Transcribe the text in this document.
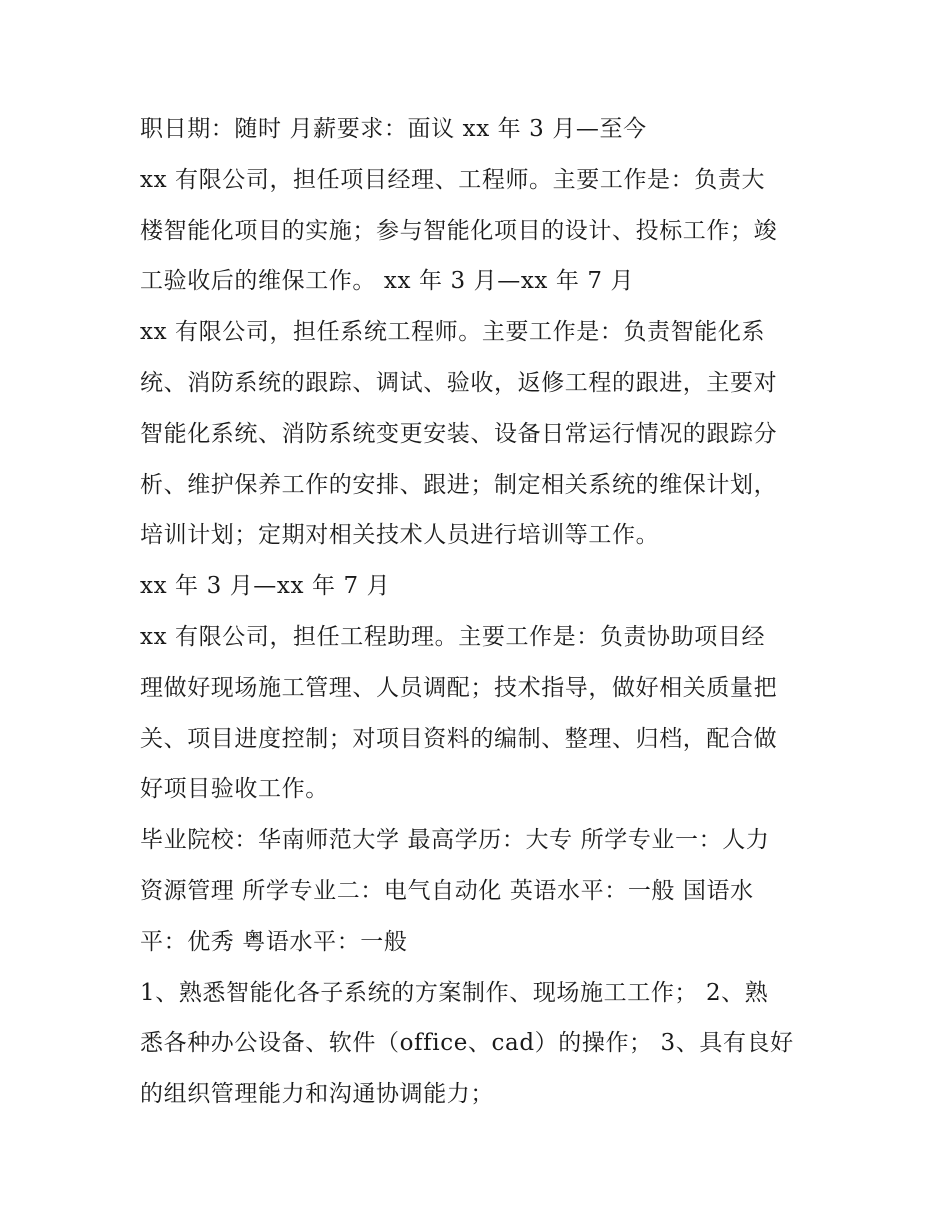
职日期：随时 月薪要求：面议 xx 年 3 月—至今
xx 有限公司，担任项目经理、工程师。主要工作是：负责大
楼智能化项目的实施；参与智能化项目的设计、投标工作；竣
工验收后的维保工作。 xx 年 3 月—xx 年 7 月
xx 有限公司，担任系统工程师。主要工作是：负责智能化系
统、消防系统的跟踪、调试、验收，返修工程的跟进，主要对
智能化系统、消防系统变更安装、设备日常运行情况的跟踪分
析、维护保养工作的安排、跟进；制定相关系统的维保计划，
培训计划；定期对相关技术人员进行培训等工作。
xx 年 3 月—xx 年 7 月
xx 有限公司，担任工程助理。主要工作是：负责协助项目经
理做好现场施工管理、人员调配；技术指导，做好相关质量把
关、项目进度控制；对项目资料的编制、整理、归档，配合做
好项目验收工作。
毕业院校：华南师范大学 最高学历：大专 所学专业一：人力
资源管理 所学专业二：电气自动化 英语水平：一般 国语水
平：优秀 粤语水平：一般
1、熟悉智能化各子系统的方案制作、现场施工工作； 2、熟
悉各种办公设备、软件（office、cad）的操作； 3、具有良好
的组织管理能力和沟通协调能力；
